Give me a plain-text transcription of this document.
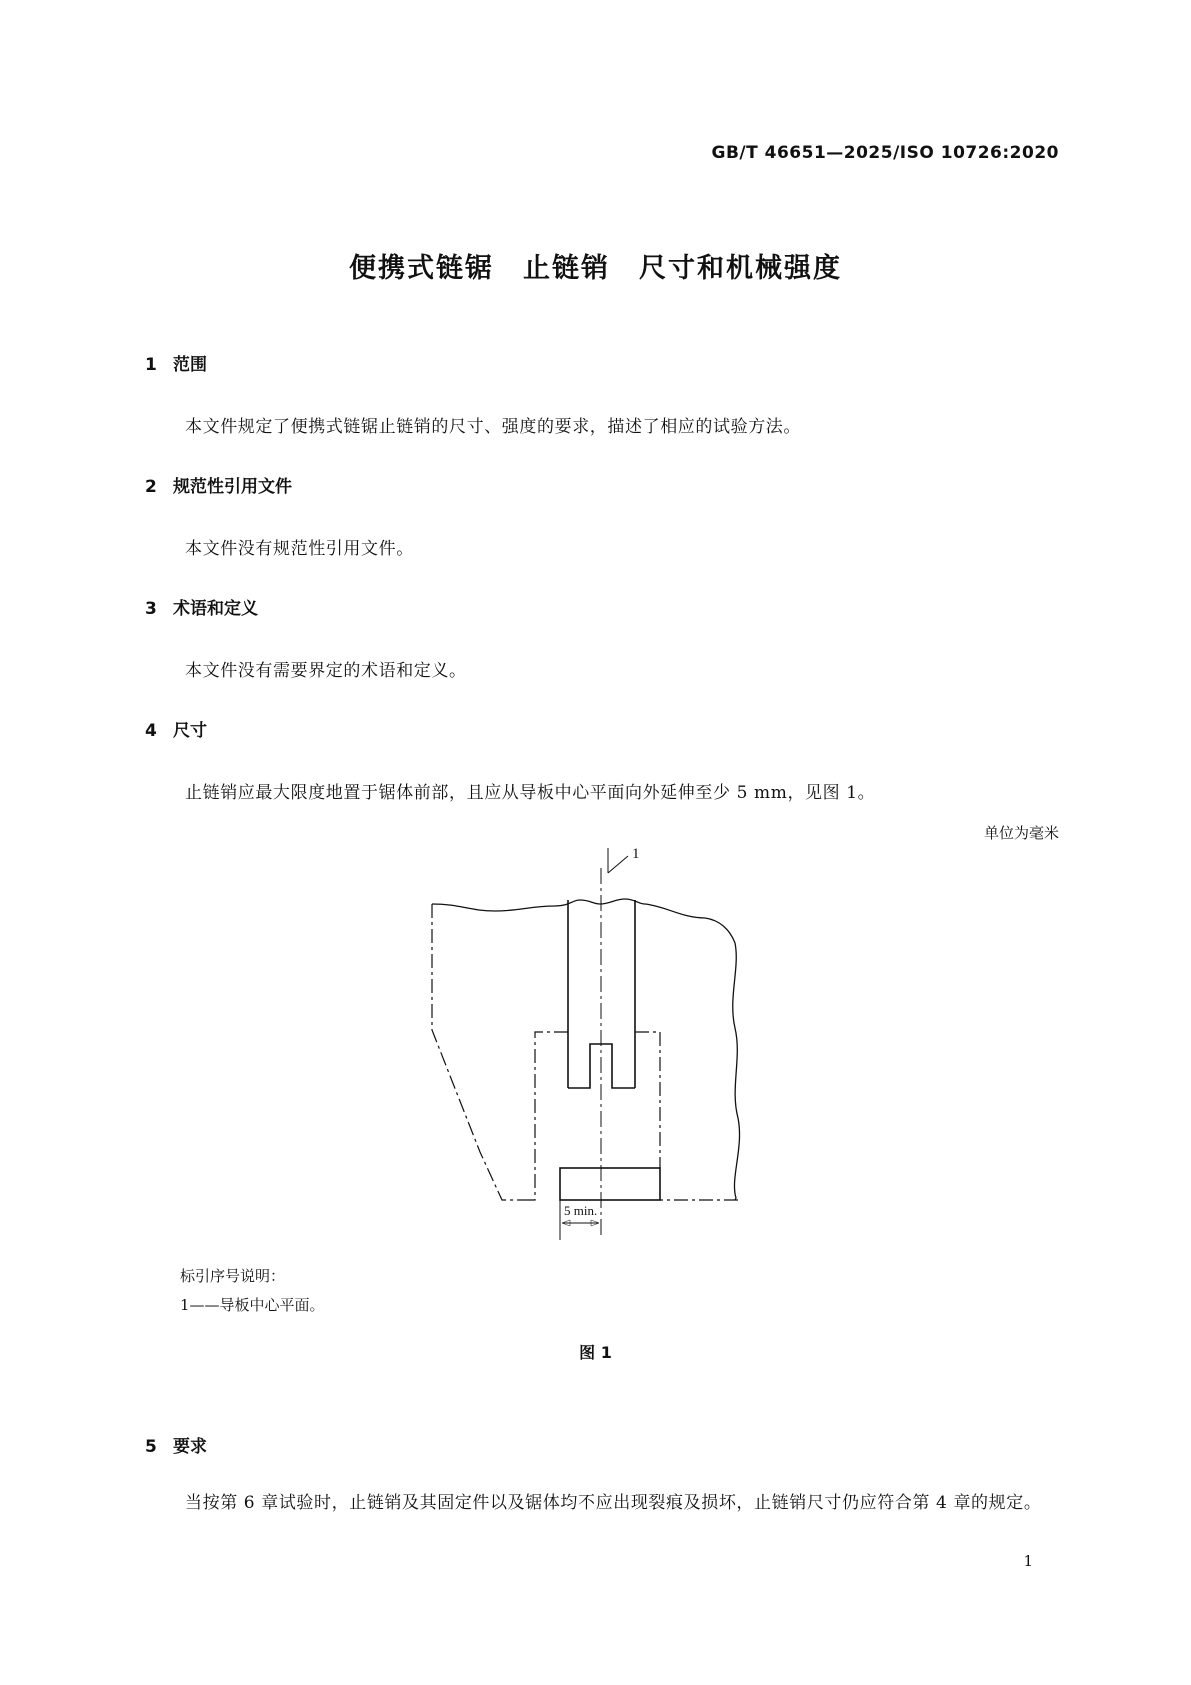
GB/T 46651—2025/ISO 10726:2020
便携式链锯　止链销　尺寸和机械强度
1 范围
本文件规定了便携式链锯止链销的尺寸、强度的要求，描述了相应的试验方法。
2 规范性引用文件
本文件没有规范性引用文件。
3 术语和定义
本文件没有需要界定的术语和定义。
4 尺寸
止链销应最大限度地置于锯体前部，且应从导板中心平面向外延伸至少 5 mm，见图 1。
单位为毫米
1
5 min.
标引序号说明：
1——导板中心平面。
图 1
5 要求
当按第 6 章试验时，止链销及其固定件以及锯体均不应出现裂痕及损坏，止链销尺寸仍应符合第 4 章的规定。
1
